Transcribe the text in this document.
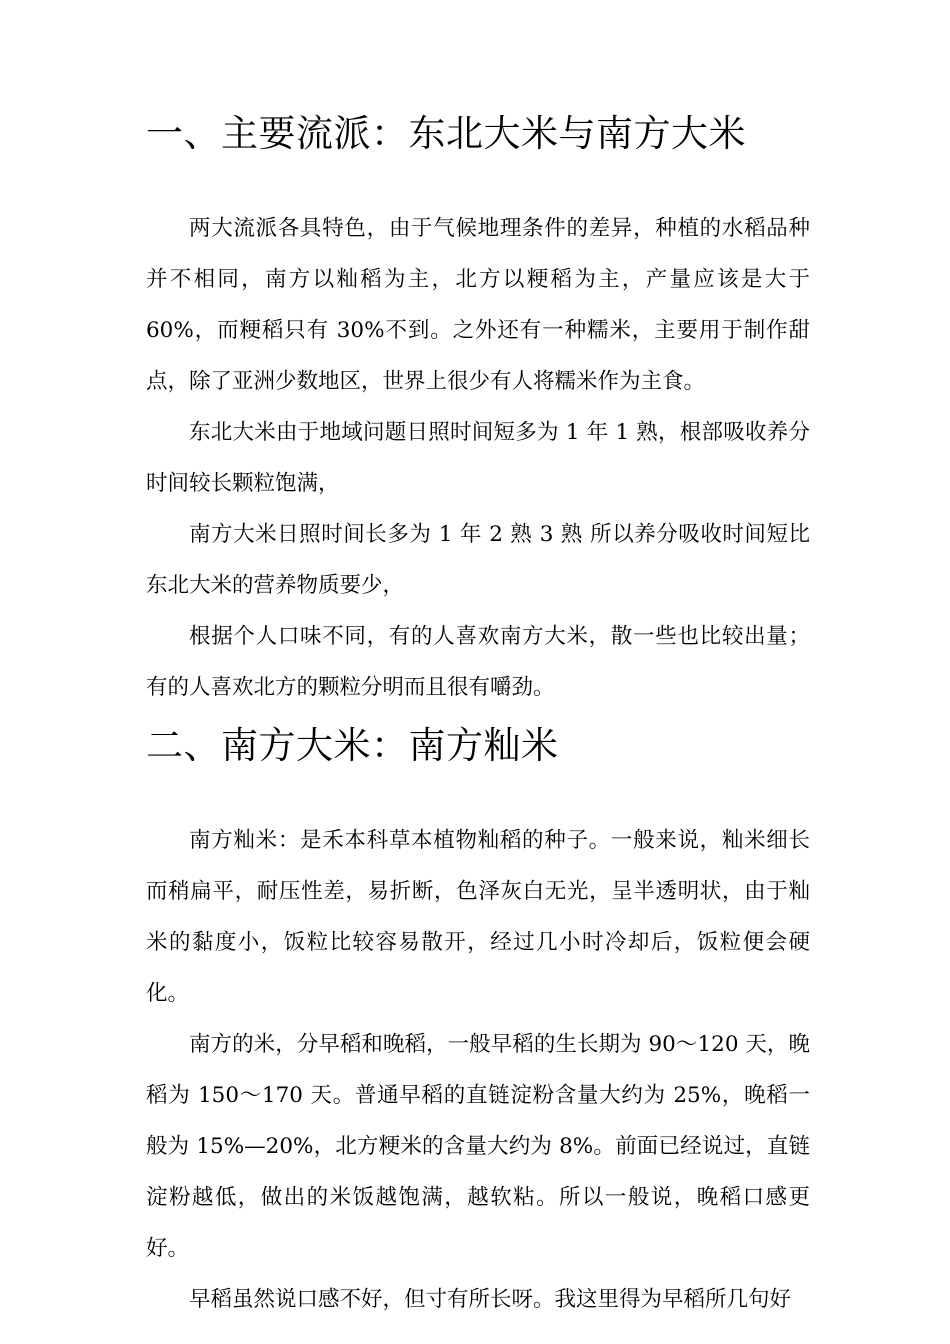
一、主要流派：东北大米与南方大米

两大流派各具特色，由于气候地理条件的差异，种植的水稻品种并不相同，南方以籼稻为主，北方以粳稻为主，产量应该是大于 60%，而粳稻只有 30%不到。之外还有一种糯米，主要用于制作甜点，除了亚洲少数地区，世界上很少有人将糯米作为主食。

东北大米由于地域问题日照时间短多为 1 年 1 熟，根部吸收养分时间较长颗粒饱满，

南方大米日照时间长多为 1 年 2 熟 3 熟 所以养分吸收时间短比东北大米的营养物质要少，

根据个人口味不同，有的人喜欢南方大米，散一些也比较出量；有的人喜欢北方的颗粒分明而且很有嚼劲。

二、南方大米：南方籼米

南方籼米：是禾本科草本植物籼稻的种子。一般来说，籼米细长而稍扁平，耐压性差，易折断，色泽灰白无光，呈半透明状，由于籼米的黏度小，饭粒比较容易散开，经过几小时冷却后，饭粒便会硬化。

南方的米，分早稻和晚稻，一般早稻的生长期为 90～120 天，晚稻为 150～170 天。普通早稻的直链淀粉含量大约为 25%，晚稻一般为 15%—20%，北方粳米的含量大约为 8%。前面已经说过，直链淀粉越低，做出的米饭越饱满，越软粘。所以一般说，晚稻口感更好。

早稻虽然说口感不好，但寸有所长呀。我这里得为早稻所几句好
